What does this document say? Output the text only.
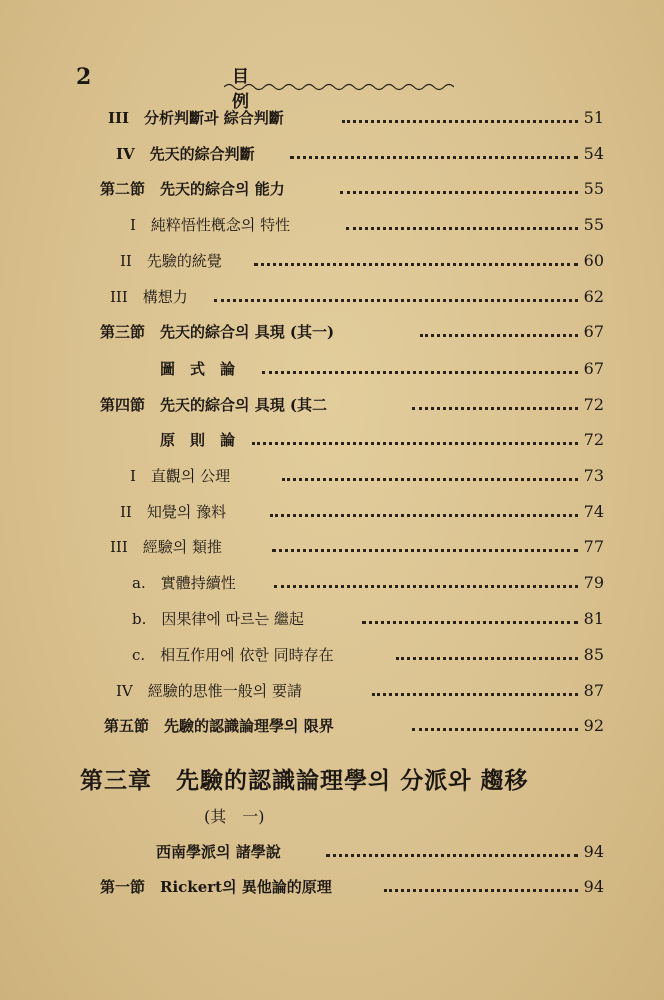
2	目例
III　分析判斷과 綜合判斷	51
IV　先天的綜合判斷	54
第二節　先天的綜合의 能力	55
I　純粹悟性槪念의 特性	55
II　先驗的統覺	60
III　構想力	62
第三節　先天的綜合의 具現 (其一)	67
圖　式　論	67
第四節　先天的綜合의 具現 (其二	72
原　則　論	72
I　直觀의 公理	73
II　知覺의 豫料	74
III　經驗의 類推	77
a.　實體持續性	79
b.　因果律에 따르는 繼起	81
c.　相互作用에 依한 同時存在	85
IV　經驗的思惟一般의 要請	87
第五節　先驗的認識論理學의 限界	92
第三章　先驗的認識論理學의 分派와 趨移
(其　一)
西南學派의 諸學說	94
第一節　Rickert의 異他論的原理	94
